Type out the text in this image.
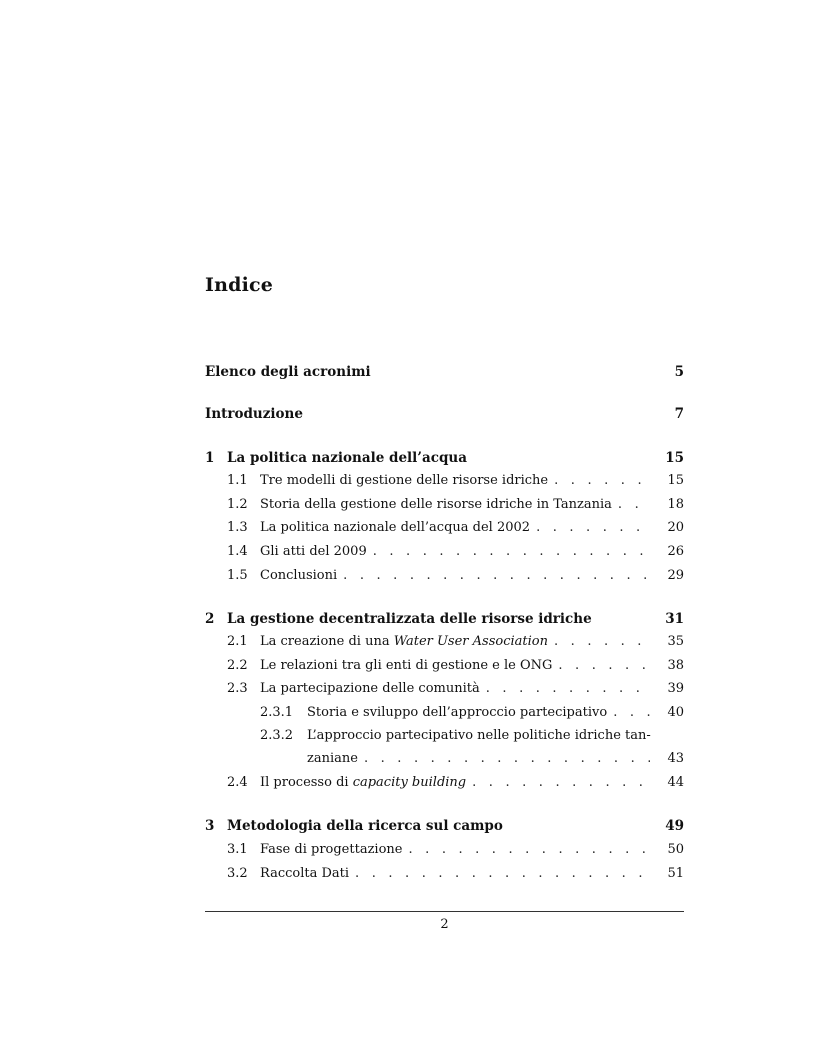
Indice
Elenco degli acronimi	5
Introduzione	7
1 La politica nazionale dell’acqua	15
1.1 Tre modelli di gestione delle risorse idriche . . .	15
1.2 Storia della gestione delle risorse idriche in Tanzania . . .	18
1.3 La politica nazionale dell’acqua del 2002 . . .	20
1.4 Gli atti del 2009 . . .	26
1.5 Conclusioni . . .	29
2 La gestione decentralizzata delle risorse idriche	31
2.1 La creazione di una Water User Association . . .	35
2.2 Le relazioni tra gli enti di gestione e le ONG . . .	38
2.3 La partecipazione delle comunità . . .	39
2.3.1	Storia e sviluppo dell’approccio partecipativo . . .	40
2.3.2	L’approccio partecipativo nelle politiche idriche tan-
zaniane . . .	43
2.4 Il processo di capacity building . . .	44
3 Metodologia della ricerca sul campo	49
3.1 Fase di progettazione . . .	50
3.2 Raccolta Dati . . .	51
2
